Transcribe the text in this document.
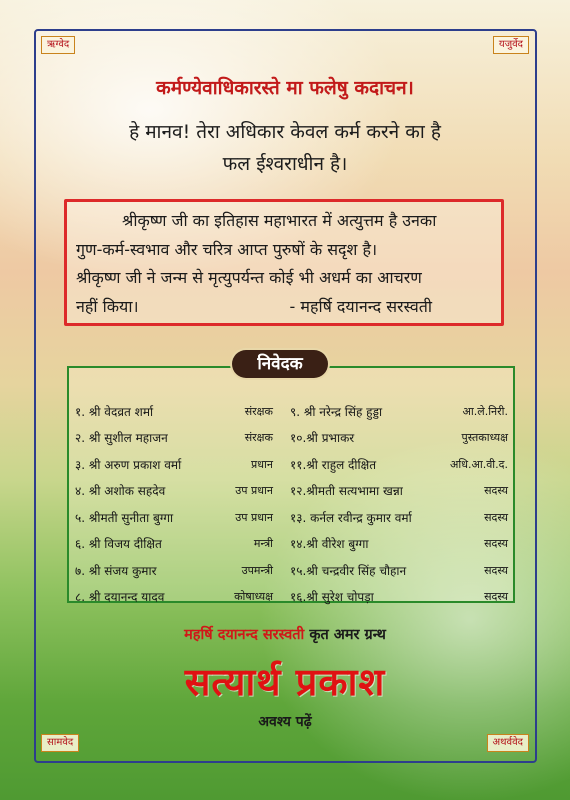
ऋग्वेद	यजुर्वेद
सामवेद	अथर्ववेद
कर्मण्येवाधिकारस्ते मा फलेषु कदाचन।
हे मानव! तेरा अधिकार केवल कर्म करने का है
फल ईश्वराधीन है।

श्रीकृष्ण जी का इतिहास महाभारत में अत्युत्तम है उनका

गुण-कर्म-स्वभाव और चरित्र आप्त पुरुषों के सदृश है।

श्रीकृष्ण जी ने जन्म से मृत्युपर्यन्त कोई भी अधर्म का आचरण

नहीं किया।	- महर्षि दयानन्द सरस्वती

निवेदक
१. श्री वेदव्रत शर्मा	संरक्षक
२. श्री सुशील महाजन	संरक्षक
३. श्री अरुण प्रकाश वर्मा	प्रधान
४. श्री अशोक सहदेव	उप प्रधान
५. श्रीमती सुनीता बुग्गा	उप प्रधान
६. श्री विजय दीक्षित	मन्त्री
७. श्री संजय कुमार	उपमन्त्री
८. श्री दयानन्द यादव	कोषाध्यक्ष
९. श्री नरेन्द्र सिंह हुड्डा	आ.ले.निरी.
१०.श्री प्रभाकर	पुस्तकाध्यक्ष
११.श्री राहुल दीक्षित	अधि.आ.वी.द.
१२.श्रीमती सत्यभामा खन्ना	सदस्य
१३. कर्नल रवीन्द्र कुमार वर्मा	सदस्य
१४.श्री वीरेश बुग्गा	सदस्य
१५.श्री चन्द्रवीर सिंह चौहान	सदस्य
१६.श्री सुरेश चोपड़ा	सदस्य
महर्षि दयानन्द सरस्वती कृत अमर ग्रन्थ
सत्यार्थ प्रकाश
अवश्य पढ़ें
